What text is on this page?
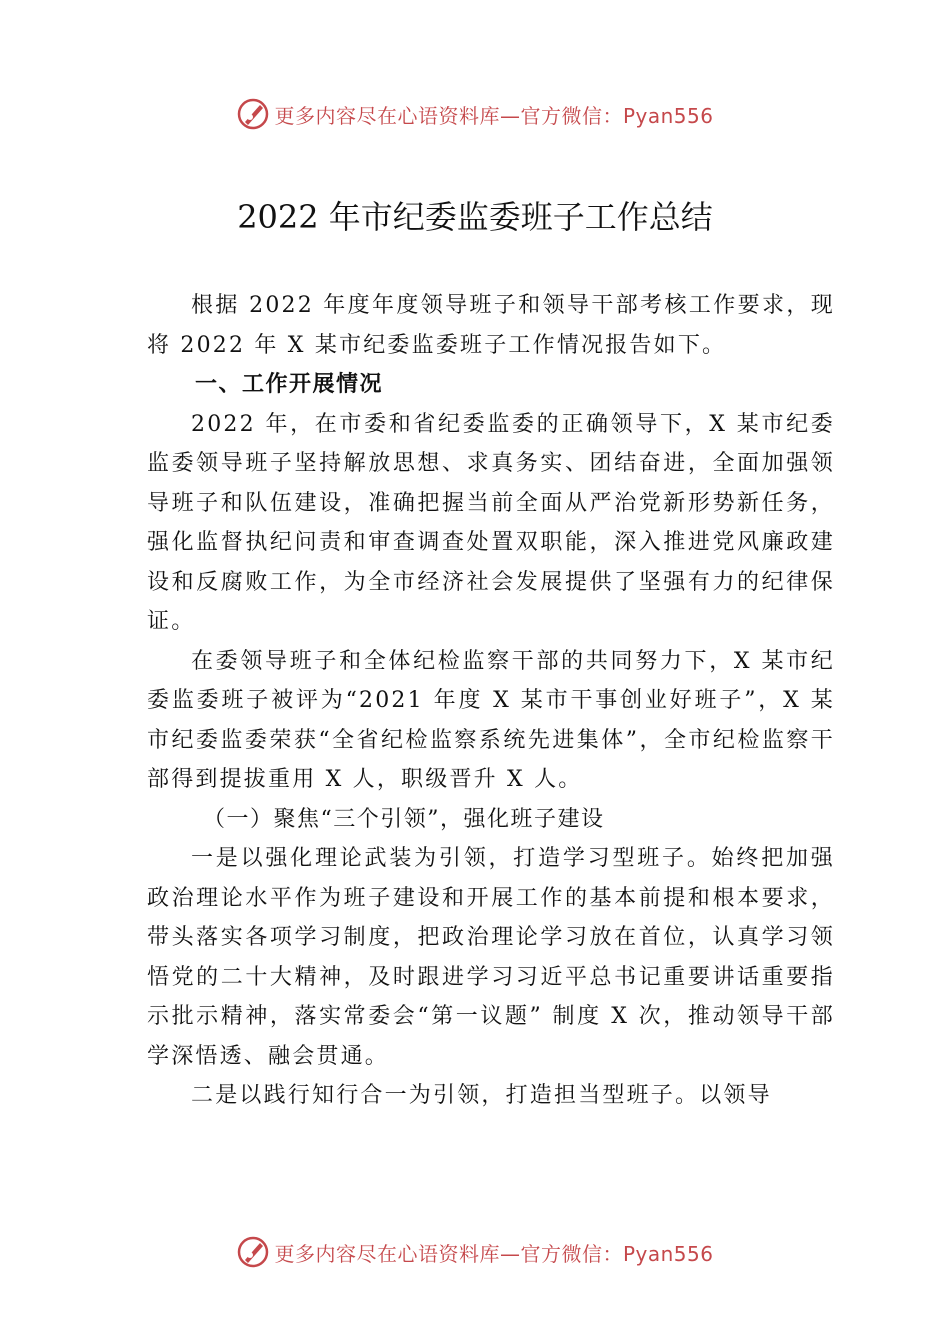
更多内容尽在心语资料库 —官方微信：Pyan556
2022 年市纪委监委班子工作总结

根据 2022 年度年度领导班子和领导干部考核工作要求，现将 2022 年 X 某市纪委监委班子工作情况报告如下。

一、工作开展情况

2022 年，在市委和省纪委监委的正确领导下，X 某市纪委监委领导班子坚持解放思想、求真务实、团结奋进，全面加强领导班子和队伍建设，准确把握当前全面从严治党新形势新任务，强化监督执纪问责和审查调查处置双职能，深入推进党风廉政建设和反腐败工作，为全市经济社会发展提供了坚强有力的纪律保证。

在委领导班子和全体纪检监察干部的共同努力下，X 某市纪委监委班子被评为“2021 年度 X 某市干事创业好班子”，X 某市纪委监委荣获“全省纪检监察系统先进集体”，全市纪检监察干部得到提拔重用 X 人，职级晋升 X 人。

（一）聚焦“三个引领”，强化班子建设

一是以强化理论武装为引领，打造学习型班子。始终把加强政治理论水平作为班子建设和开展工作的基本前提和根本要求，带头落实各项学习制度，把政治理论学习放在首位，认真学习领悟党的二十大精神，及时跟进学习习近平总书记重要讲话重要指示批示精神，落实常委会“第一议题” 制度 X 次，推动领导干部学深悟透、融会贯通。

二是以践行知行合一为引领，打造担当型班子。以领导

更多内容尽在心语资料库 —官方微信：Pyan556
